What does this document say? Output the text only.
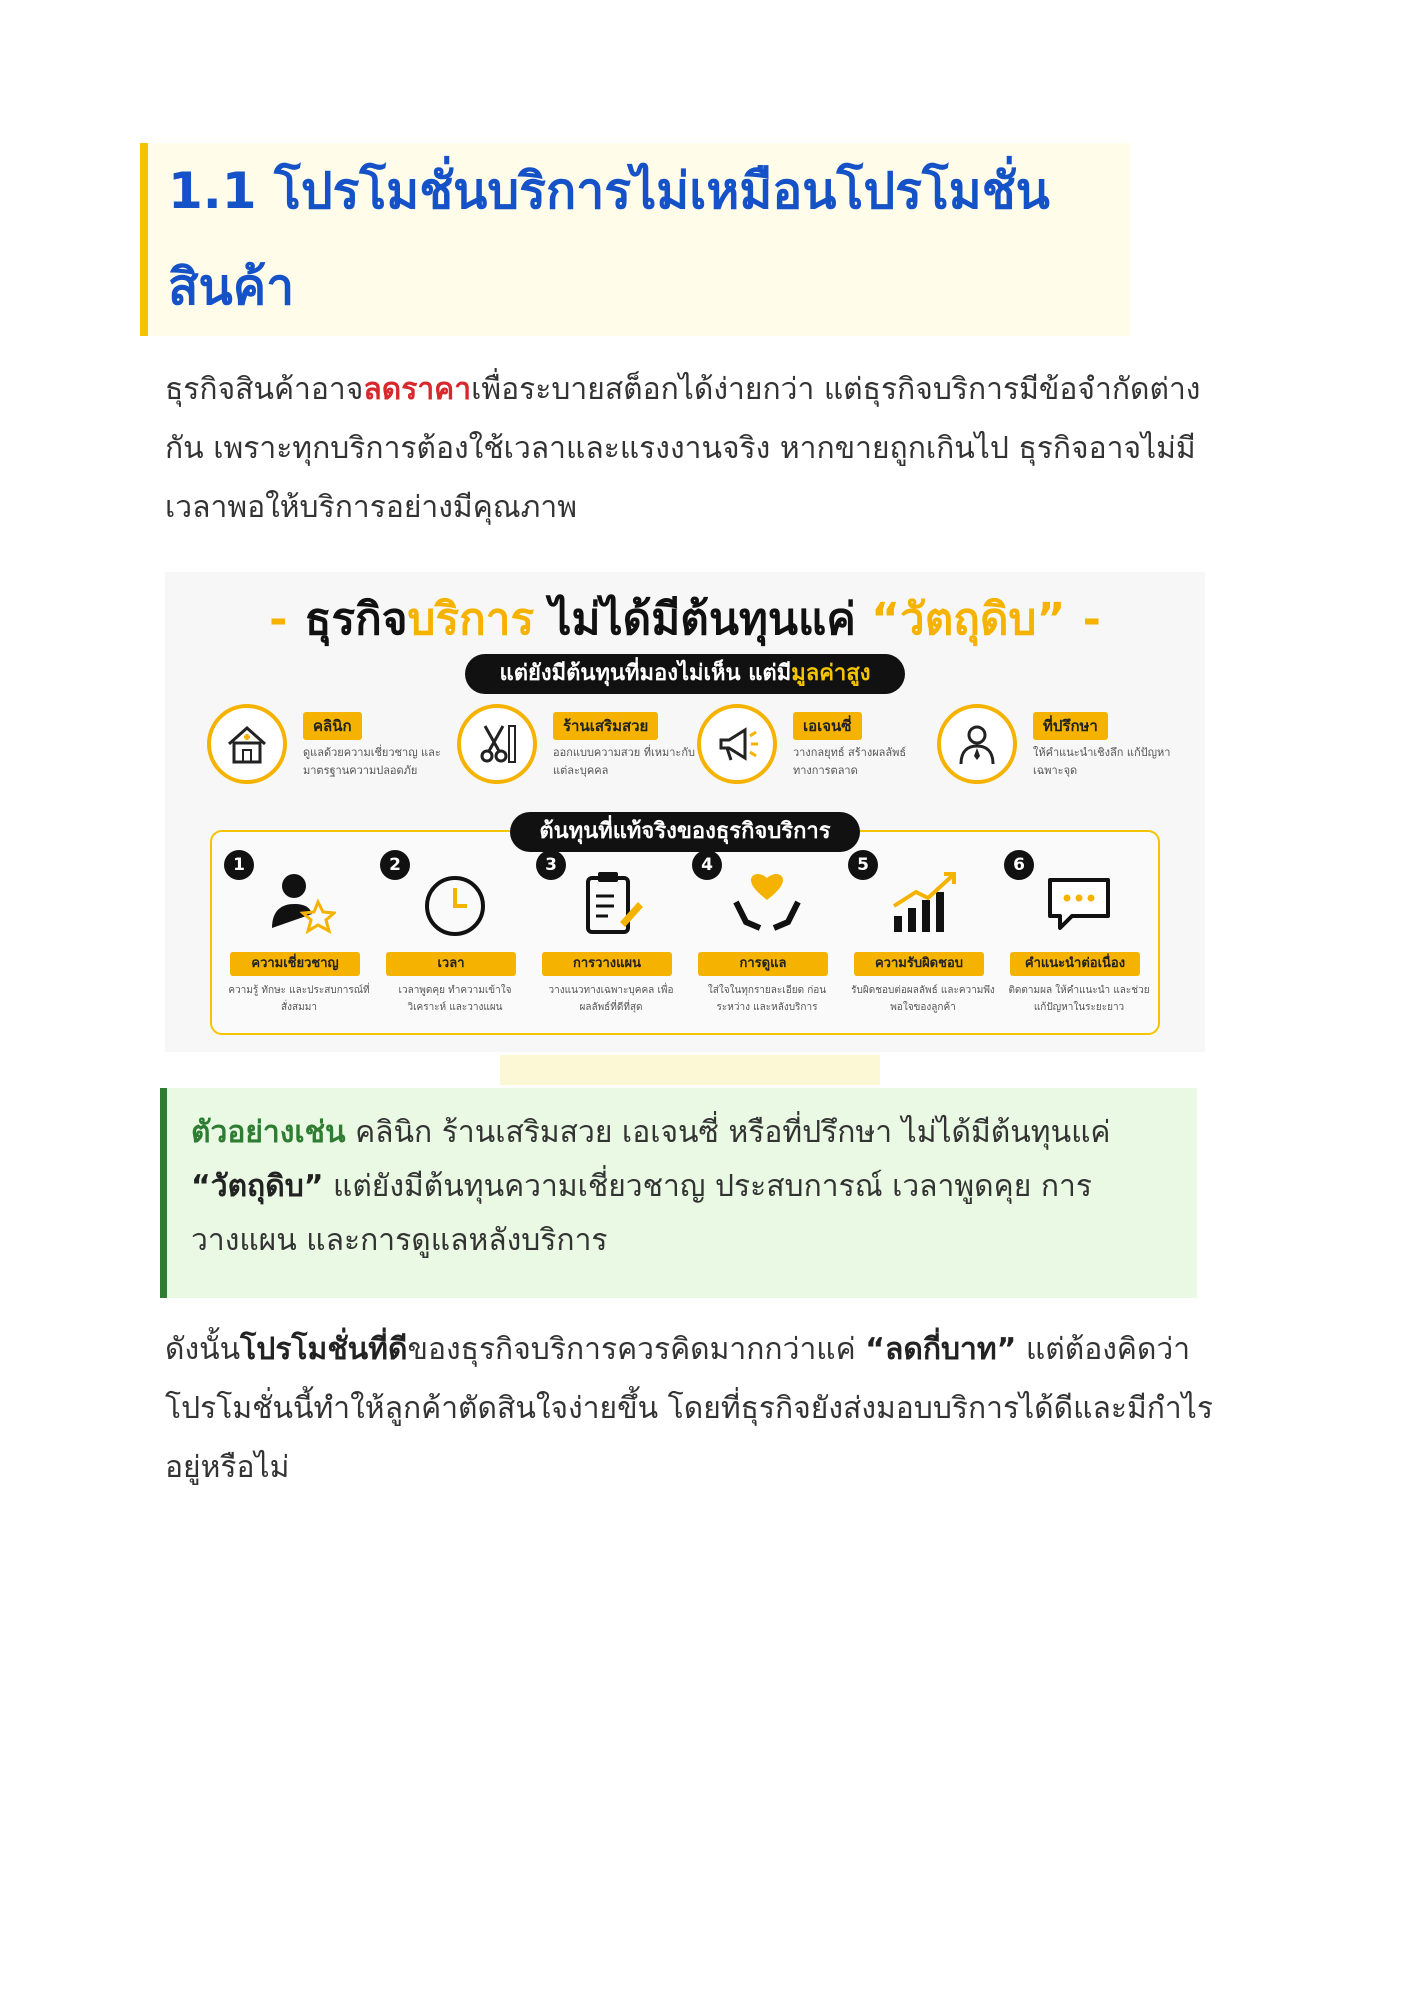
1.1 โปรโมชั่นบริการไม่เหมือนโปรโมชั่น
สินค้า

ธุรกิจสินค้าอาจลดราคาเพื่อระบายสต็อกได้ง่ายกว่า แต่ธุรกิจบริการมีข้อจำกัดต่างกัน เพราะทุกบริการต้องใช้เวลาและแรงงานจริง หากขายถูกเกินไป ธุรกิจอาจไม่มีเวลาพอให้บริการอย่างมีคุณภาพ

⁃ ธุรกิจบริการ ไม่ได้มีต้นทุนแค่ “วัตถุดิบ” ⁃
แต่ยังมีต้นทุนที่มองไม่เห็น แต่มีมูลค่าสูง
คลินิก
ดูแลด้วยความเชี่ยวชาญ และมาตรฐานความปลอดภัย
ร้านเสริมสวย
ออกแบบความสวย ที่เหมาะกับแต่ละบุคคล
เอเจนซี่
วางกลยุทธ์ สร้างผลลัพธ์ ทางการตลาด
ที่ปรึกษา
ให้คำแนะนำเชิงลึก แก้ปัญหาเฉพาะจุด
1
ความเชี่ยวชาญ
ความรู้ ทักษะ และประสบการณ์ที่สั่งสมมา
2
เวลา
เวลาพูดคุย ทำความเข้าใจ วิเคราะห์ และวางแผน
3
การวางแผน
วางแนวทางเฉพาะบุคคล เพื่อผลลัพธ์ที่ดีที่สุด
4
การดูแล
ใส่ใจในทุกรายละเอียด ก่อน ระหว่าง และหลังบริการ
5
ความรับผิดชอบ
รับผิดชอบต่อผลลัพธ์ และความพึงพอใจของลูกค้า
6
คำแนะนำต่อเนื่อง
ติดตามผล ให้คำแนะนำ และช่วยแก้ปัญหาในระยะยาว
ต้นทุนที่แท้จริงของธุรกิจบริการ
ตัวอย่างเช่น คลินิก ร้านเสริมสวย เอเจนซี่ หรือที่ปรึกษา ไม่ได้มีต้นทุนแค่ “วัตถุดิบ” แต่ยังมีต้นทุนความเชี่ยวชาญ ประสบการณ์ เวลาพูดคุย การวางแผน และการดูแลหลังบริการ

ดังนั้นโปรโมชั่นที่ดีของธุรกิจบริการควรคิดมากกว่าแค่ “ลดกี่บาท” แต่ต้องคิดว่าโปรโมชั่นนี้ทำให้ลูกค้าตัดสินใจง่ายขึ้น โดยที่ธุรกิจยังส่งมอบบริการได้ดีและมีกำไรอยู่หรือไม่
